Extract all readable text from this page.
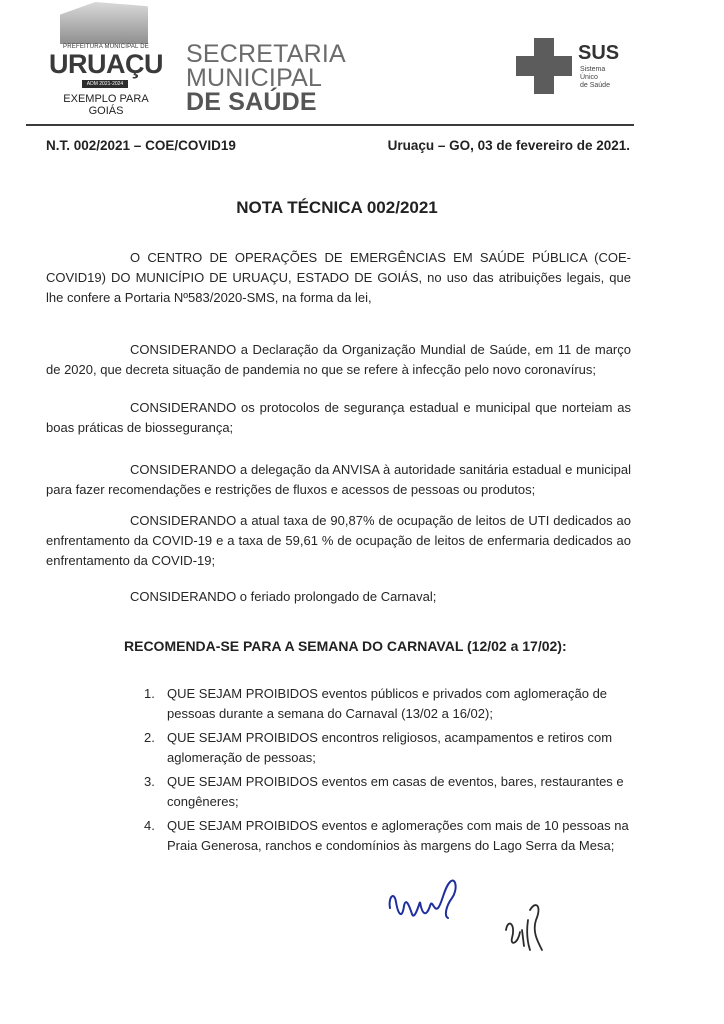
PREFEITURA MUNICIPAL DE
URUAÇU
ADM 2021-2024
EXEMPLO PARA GOIÁS
SECRETARIA MUNICIPAL
DE SAÚDE
SUS
Sistema
Único
de Saúde
N.T. 002/2021 – COE/COVID19	Uruaçu – GO, 03 de fevereiro de 2021.
NOTA TÉCNICA 002/2021

O CENTRO DE OPERAÇÕES DE EMERGÊNCIAS EM SAÚDE PÚBLICA (COE-COVID19) DO MUNICÍPIO DE URUAÇU, ESTADO DE GOIÁS, no uso das atribuições legais, que lhe confere a Portaria Nº583/2020-SMS, na forma da lei,

CONSIDERANDO a Declaração da Organização Mundial de Saúde, em 11 de março de 2020, que decreta situação de pandemia no que se refere à infecção pelo novo coronavírus;

CONSIDERANDO os protocolos de segurança estadual e municipal que norteiam as boas práticas de biossegurança;

CONSIDERANDO a delegação da ANVISA à autoridade sanitária estadual e municipal para fazer recomendações e restrições de fluxos e acessos de pessoas ou produtos;

CONSIDERANDO a atual taxa de 90,87% de ocupação de leitos de UTI dedicados ao enfrentamento da COVID-19 e a taxa de 59,61 % de ocupação de leitos de enfermaria dedicados ao enfrentamento da COVID-19;

CONSIDERANDO o feriado prolongado de Carnaval;

RECOMENDA-SE PARA A SEMANA DO CARNAVAL (12/02 a 17/02):
1. QUE SEJAM PROIBIDOS eventos públicos e privados com aglomeração de pessoas durante a semana do Carnaval (13/02 a 16/02);
2. QUE SEJAM PROIBIDOS encontros religiosos, acampamentos e retiros com aglomeração de pessoas;
3. QUE SEJAM PROIBIDOS eventos em casas de eventos, bares, restaurantes e congêneres;
4. QUE SEJAM PROIBIDOS eventos e aglomerações com mais de 10 pessoas na Praia Generosa, ranchos e condomínios às margens do Lago Serra da Mesa;
